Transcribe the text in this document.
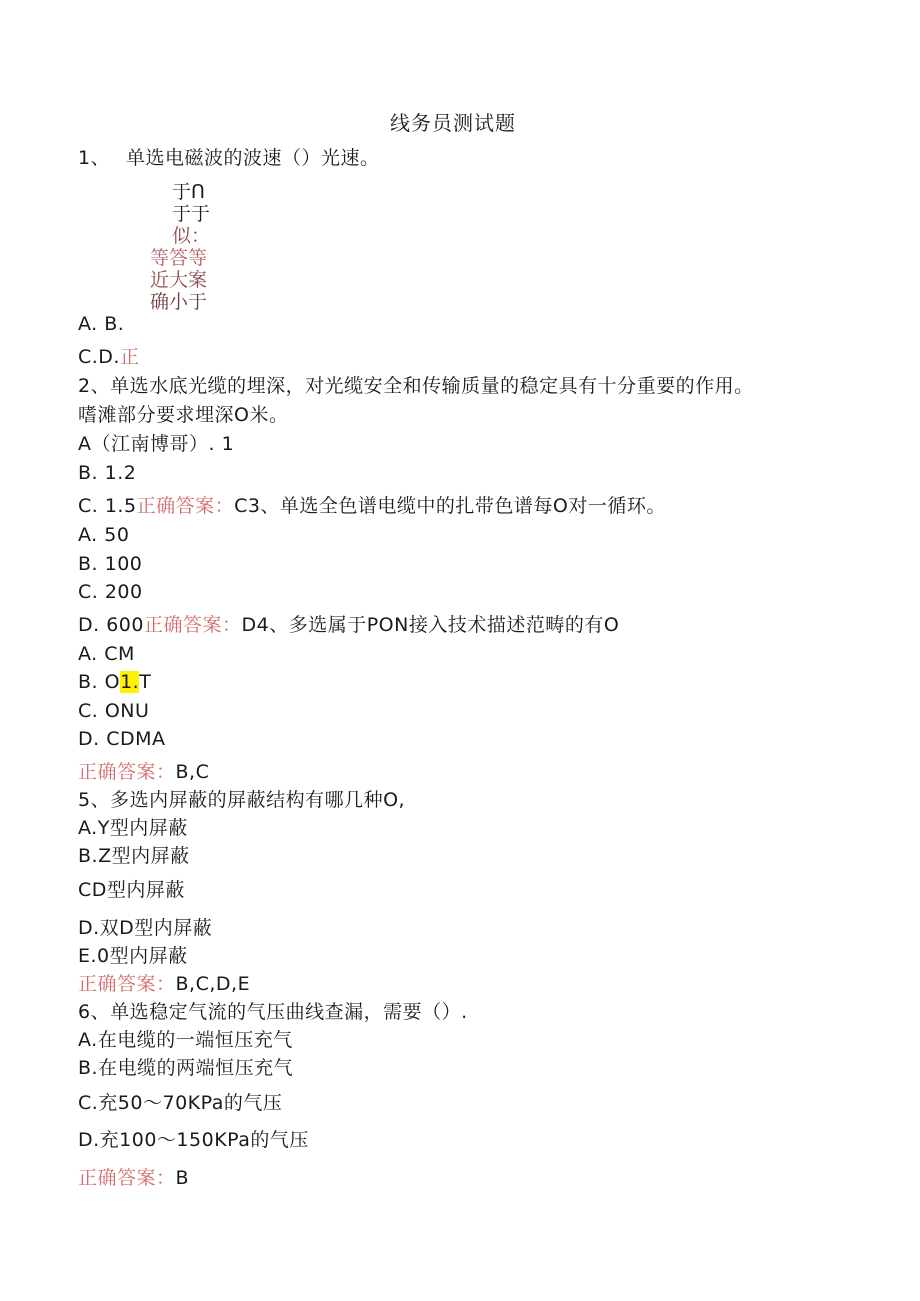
线务员测试题
1、 单选电磁波的波速（）光速。
于ᑎ
于于
似：
等答等
近大案
确小于
A. B.
C.D.正
2、单选水底光缆的埋深，对光缆安全和传输质量的稳定具有十分重要的作用。
嗜滩部分要求埋深O米。
A（江南博哥）. 1
B. 1.2
C. 1.5正确答案：C3、单选全色谱电缆中的扎带色谱每O对一循环。
A. 50
B. 100
C. 200
D. 600正确答案：D4、多选属于PON接入技术描述范畴的有O
A. CM
B. O1.T
C. ONU
D. CDMA
正确答案：B,C
5、多选内屏蔽的屏蔽结构有哪几种O,
A.Y型内屏蔽
B.Z型内屏蔽
CD型内屏蔽
D.双D型内屏蔽
E.0型内屏蔽
正确答案：B,C,D,E
6、单选稳定气流的气压曲线查漏，需要（）.
A.在电缆的一端恒压充气
B.在电缆的两端恒压充气
C.充50～70KPa的气压
D.充100～150KPa的气压
正确答案：B
